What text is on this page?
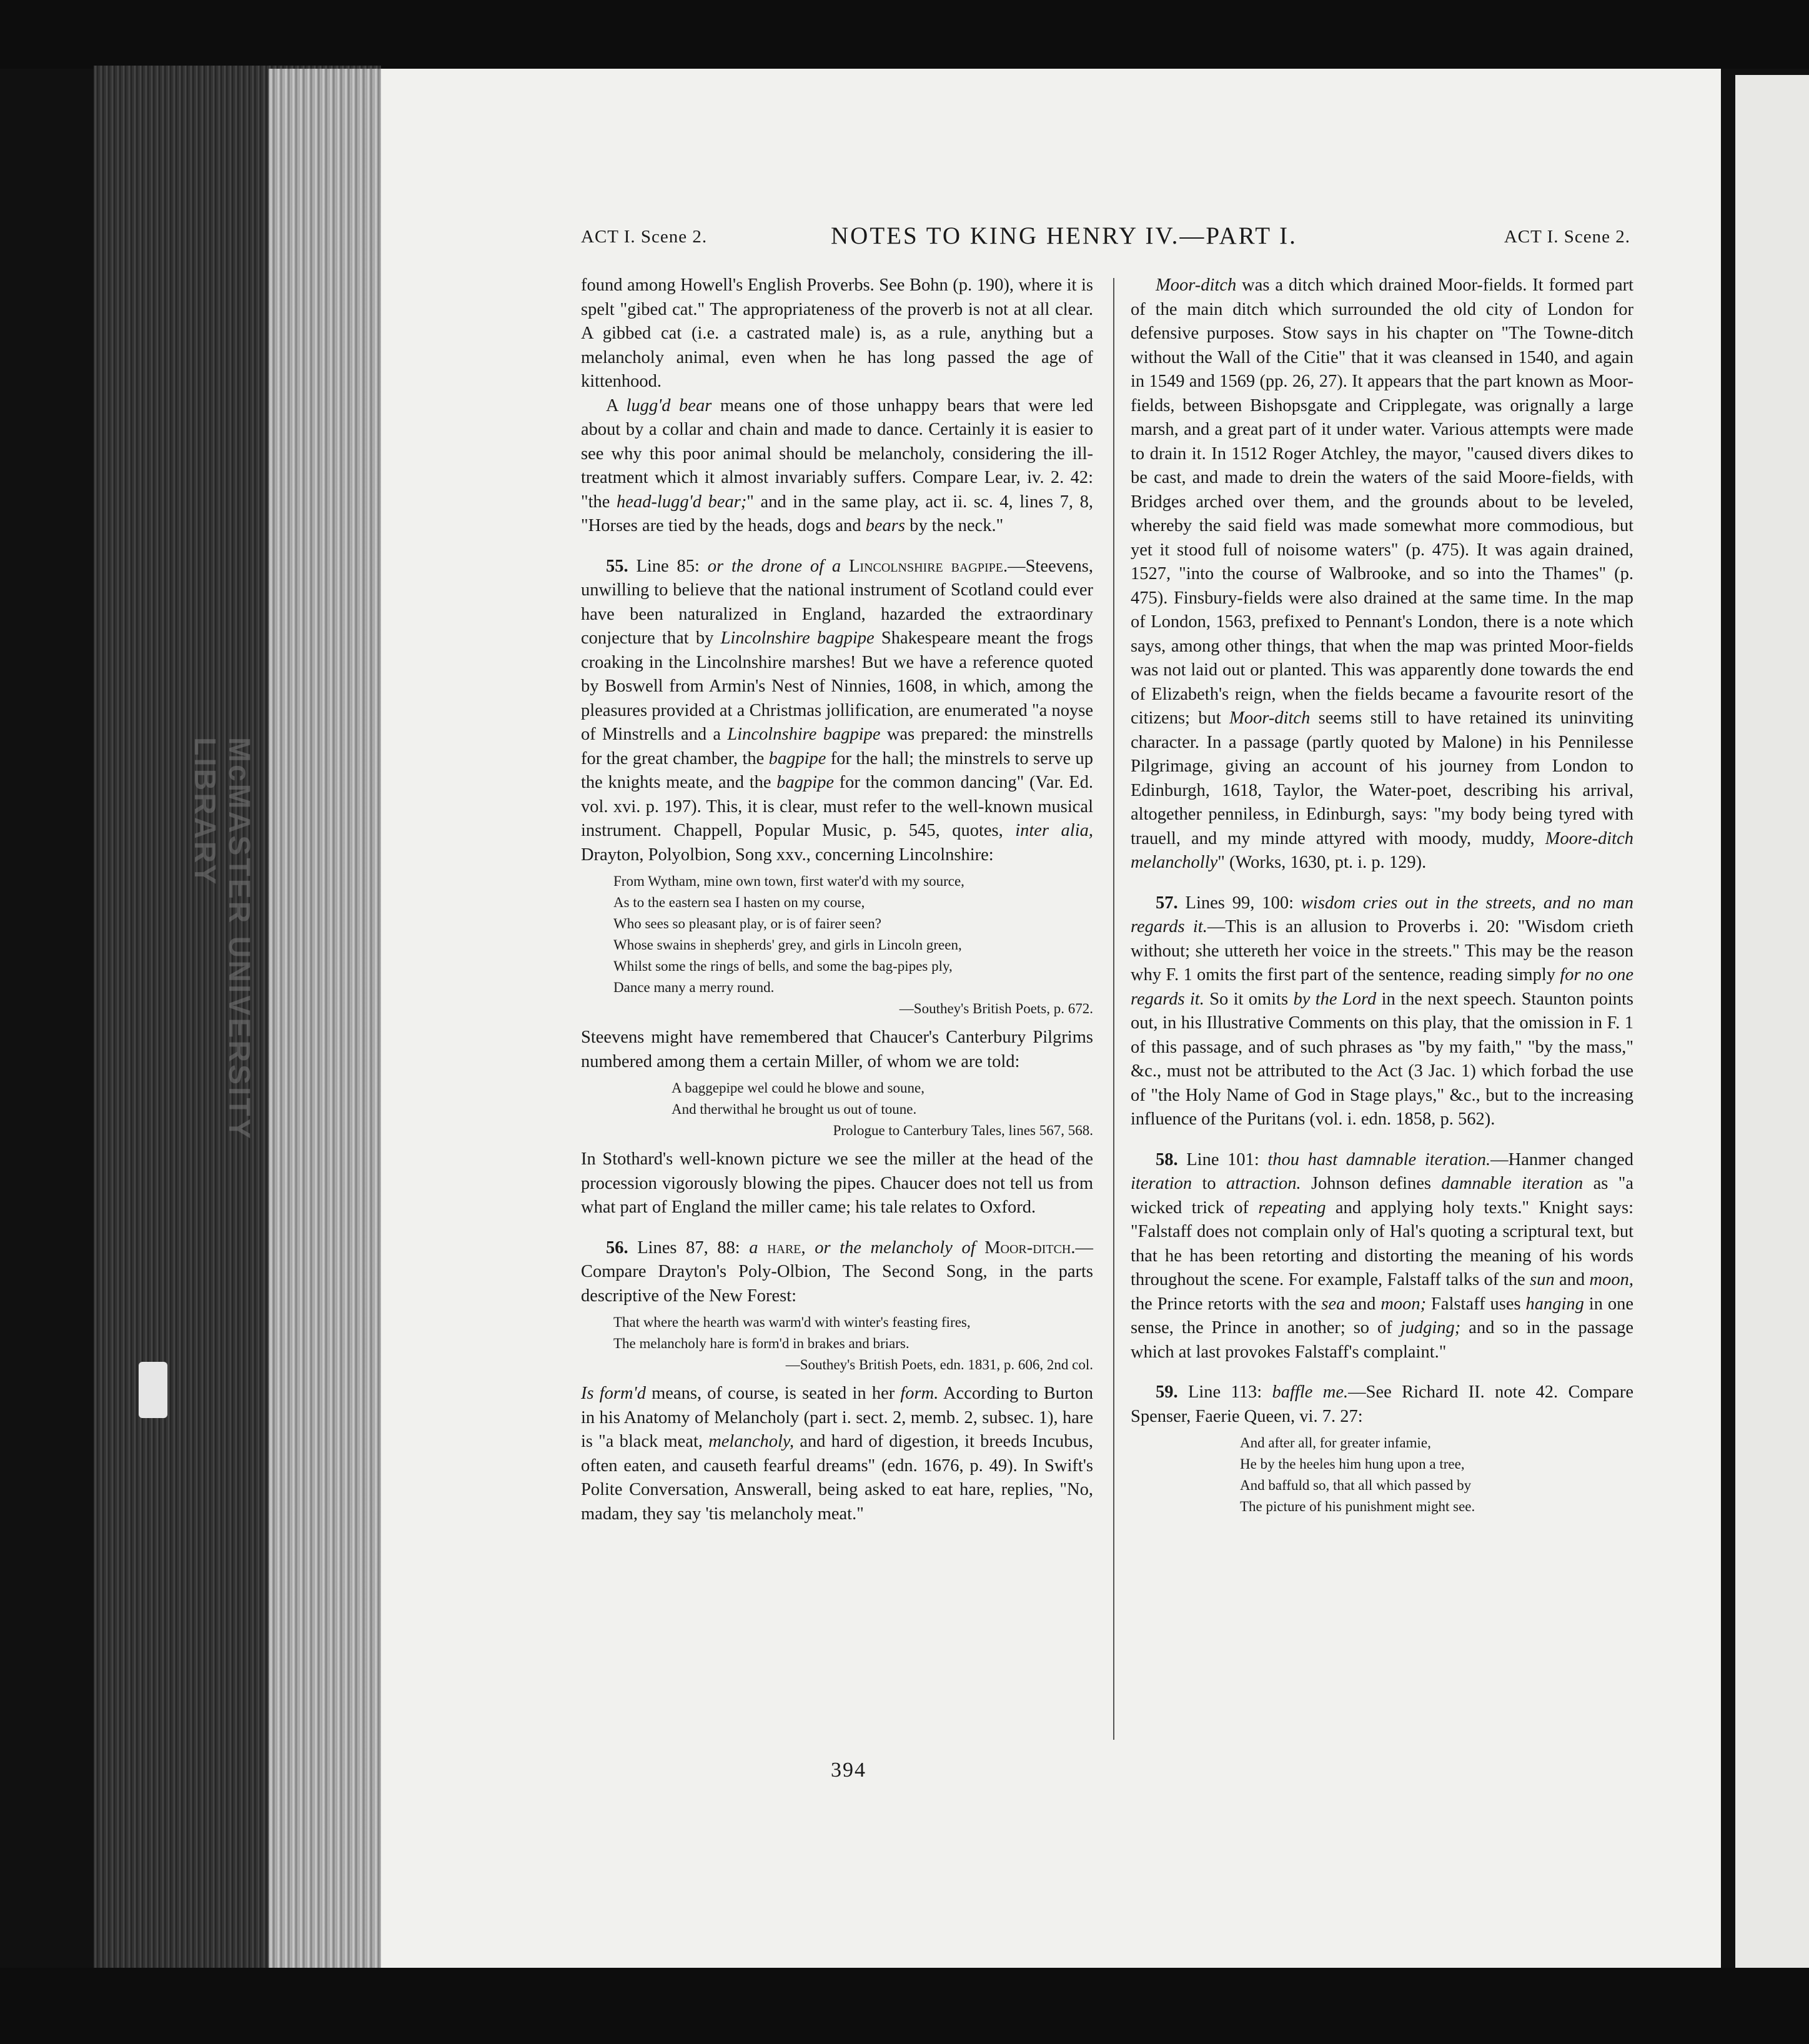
McMASTER UNIVERSITY LIBRARY
ACT I. Scene 2.	NOTES TO KING HENRY IV.—PART I.	ACT I. Scene 2.

found among Howell's English Proverbs. See Bohn (p. 190), where it is spelt "gibed cat." The appropriateness of the proverb is not at all clear. A gibbed cat (i.e. a castrated male) is, as a rule, anything but a melancholy animal, even when he has long passed the age of kittenhood.

A lugg'd bear means one of those unhappy bears that were led about by a collar and chain and made to dance. Certainly it is easier to see why this poor animal should be melancholy, considering the ill-treatment which it almost invariably suffers. Compare Lear, iv. 2. 42: "the head-lugg'd bear;" and in the same play, act ii. sc. 4, lines 7, 8, "Horses are tied by the heads, dogs and bears by the neck."

55. Line 85: or the drone of a Lincolnshire bagpipe.—Steevens, unwilling to believe that the national instrument of Scotland could ever have been naturalized in England, hazarded the extraordinary conjecture that by Lincolnshire bagpipe Shakespeare meant the frogs croaking in the Lincolnshire marshes! But we have a reference quoted by Boswell from Armin's Nest of Ninnies, 1608, in which, among the pleasures provided at a Christmas jollification, are enumerated "a noyse of Minstrells and a Lincolnshire bagpipe was prepared: the minstrells for the great chamber, the bagpipe for the hall; the minstrels to serve up the knights meate, and the bagpipe for the common dancing" (Var. Ed. vol. xvi. p. 197). This, it is clear, must refer to the well-known musical instrument. Chappell, Popular Music, p. 545, quotes, inter alia, Drayton, Polyolbion, Song xxv., concerning Lincolnshire:

From Wytham, mine own town, first water'd with my source,
As to the eastern sea I hasten on my course,
Who sees so pleasant play, or is of fairer seen?
Whose swains in shepherds' grey, and girls in Lincoln green,
Whilst some the rings of bells, and some the bag-pipes ply,
Dance many a merry round.
—Southey's British Poets, p. 672.

Steevens might have remembered that Chaucer's Canterbury Pilgrims numbered among them a certain Miller, of whom we are told:

A baggepipe wel could he blowe and soune,
And therwithal he brought us out of toune.
Prologue to Canterbury Tales, lines 567, 568.

In Stothard's well-known picture we see the miller at the head of the procession vigorously blowing the pipes. Chaucer does not tell us from what part of England the miller came; his tale relates to Oxford.

56. Lines 87, 88: a hare, or the melancholy of Moor-ditch.—Compare Drayton's Poly-Olbion, The Second Song, in the parts descriptive of the New Forest:

That where the hearth was warm'd with winter's feasting fires,
The melancholy hare is form'd in brakes and briars.
—Southey's British Poets, edn. 1831, p. 606, 2nd col.

Is form'd means, of course, is seated in her form. According to Burton in his Anatomy of Melancholy (part i. sect. 2, memb. 2, subsec. 1), hare is "a black meat, melancholy, and hard of digestion, it breeds Incubus, often eaten, and causeth fearful dreams" (edn. 1676, p. 49). In Swift's Polite Conversation, Answerall, being asked to eat hare, replies, "No, madam, they say 'tis melancholy meat."

Moor-ditch was a ditch which drained Moor-fields. It formed part of the main ditch which surrounded the old city of London for defensive purposes. Stow says in his chapter on "The Towne-ditch without the Wall of the Citie" that it was cleansed in 1540, and again in 1549 and 1569 (pp. 26, 27). It appears that the part known as Moor-fields, between Bishopsgate and Cripplegate, was orignally a large marsh, and a great part of it under water. Various attempts were made to drain it. In 1512 Roger Atchley, the mayor, "caused divers dikes to be cast, and made to drein the waters of the said Moore-fields, with Bridges arched over them, and the grounds about to be leveled, whereby the said field was made somewhat more commodious, but yet it stood full of noisome waters" (p. 475). It was again drained, 1527, "into the course of Walbrooke, and so into the Thames" (p. 475). Finsbury-fields were also drained at the same time. In the map of London, 1563, prefixed to Pennant's London, there is a note which says, among other things, that when the map was printed Moor-fields was not laid out or planted. This was apparently done towards the end of Elizabeth's reign, when the fields became a favourite resort of the citizens; but Moor-ditch seems still to have retained its uninviting character. In a passage (partly quoted by Malone) in his Pennilesse Pilgrimage, giving an account of his journey from London to Edinburgh, 1618, Taylor, the Water-poet, describing his arrival, altogether penniless, in Edinburgh, says: "my body being tyred with trauell, and my minde attyred with moody, muddy, Moore-ditch melancholly" (Works, 1630, pt. i. p. 129).

57. Lines 99, 100: wisdom cries out in the streets, and no man regards it.—This is an allusion to Proverbs i. 20: "Wisdom crieth without; she uttereth her voice in the streets." This may be the reason why F. 1 omits the first part of the sentence, reading simply for no one regards it. So it omits by the Lord in the next speech. Staunton points out, in his Illustrative Comments on this play, that the omission in F. 1 of this passage, and of such phrases as "by my faith," "by the mass," &c., must not be attributed to the Act (3 Jac. 1) which forbad the use of "the Holy Name of God in Stage plays," &c., but to the increasing influence of the Puritans (vol. i. edn. 1858, p. 562).

58. Line 101: thou hast damnable iteration.—Hanmer changed iteration to attraction. Johnson defines damnable iteration as "a wicked trick of repeating and applying holy texts." Knight says: "Falstaff does not complain only of Hal's quoting a scriptural text, but that he has been retorting and distorting the meaning of his words throughout the scene. For example, Falstaff talks of the sun and moon, the Prince retorts with the sea and moon; Falstaff uses hanging in one sense, the Prince in another; so of judging; and so in the passage which at last provokes Falstaff's complaint."

59. Line 113: baffle me.—See Richard II. note 42. Compare Spenser, Faerie Queen, vi. 7. 27:

And after all, for greater infamie,
He by the heeles him hung upon a tree,
And baffuld so, that all which passed by
The picture of his punishment might see.
394
